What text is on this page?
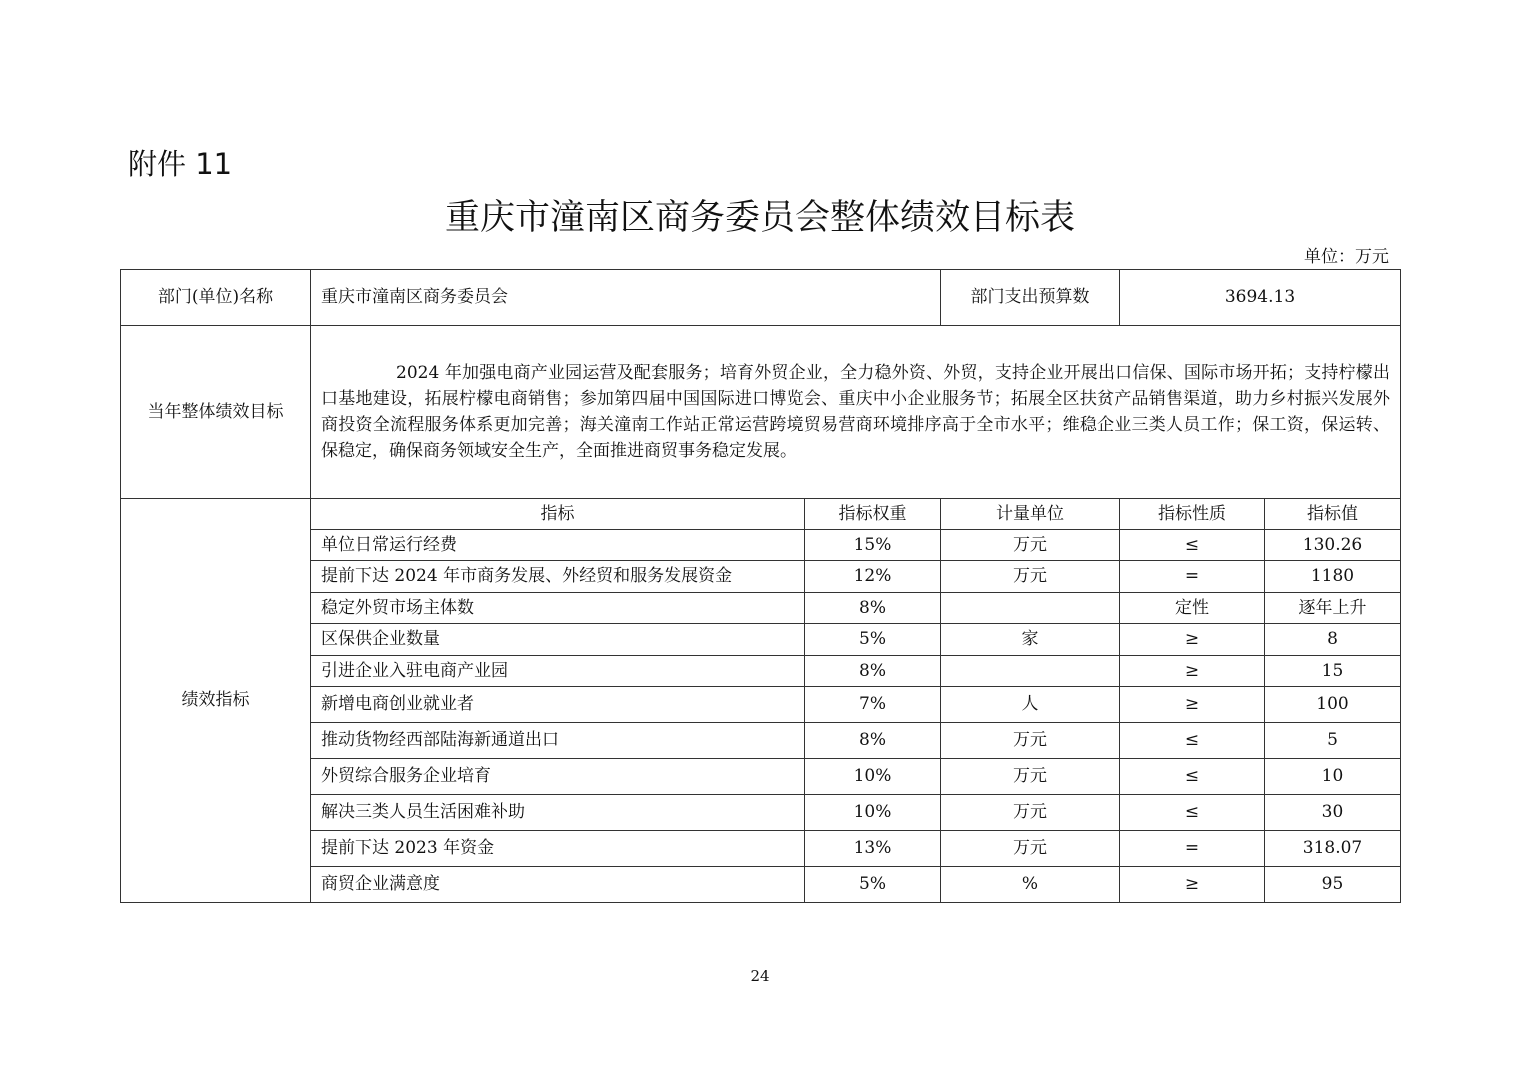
附件 11
重庆市潼南区商务委员会整体绩效目标表
单位：万元
部门(单位)名称	重庆市潼南区商务委员会		部门支出预算数	3694.13	
当年整体绩效目标	2024 年加强电商产业园运营及配套服务；培育外贸企业，全力稳外资、外贸，支持企业开展出口信保、国际市场开拓；支持柠檬出口基地建设，拓展柠檬电商销售；参加第四届中国国际进口博览会、重庆中小企业服务节；拓展全区扶贫产品销售渠道，助力乡村振兴发展外商投资全流程服务体系更加完善；海关潼南工作站正常运营跨境贸易营商环境排序高于全市水平；维稳企业三类人员工作；保工资，保运转、保稳定，确保商务领域安全生产，全面推进商贸事务稳定发展。				

绩效指标	指标	指标权重	计量单位	指标性质	指标值
	单位日常运行经费	15%	万元	≤	130.26
	提前下达 2024 年市商务发展、外经贸和服务发展资金	12%	万元	=	1180
	稳定外贸市场主体数	8%		定性	逐年上升
	区保供企业数量	5%	家	≥	8
	引进企业入驻电商产业园	8%		≥	15
	新增电商创业就业者	7%	人	≥	100
	推动货物经西部陆海新通道出口	8%	万元	≤	5
	外贸综合服务企业培育	10%	万元	≤	10
	解决三类人员生活困难补助	10%	万元	≤	30
	提前下达 2023 年资金	13%	万元	=	318.07
	商贸企业满意度	5%	%	≥	95
24
